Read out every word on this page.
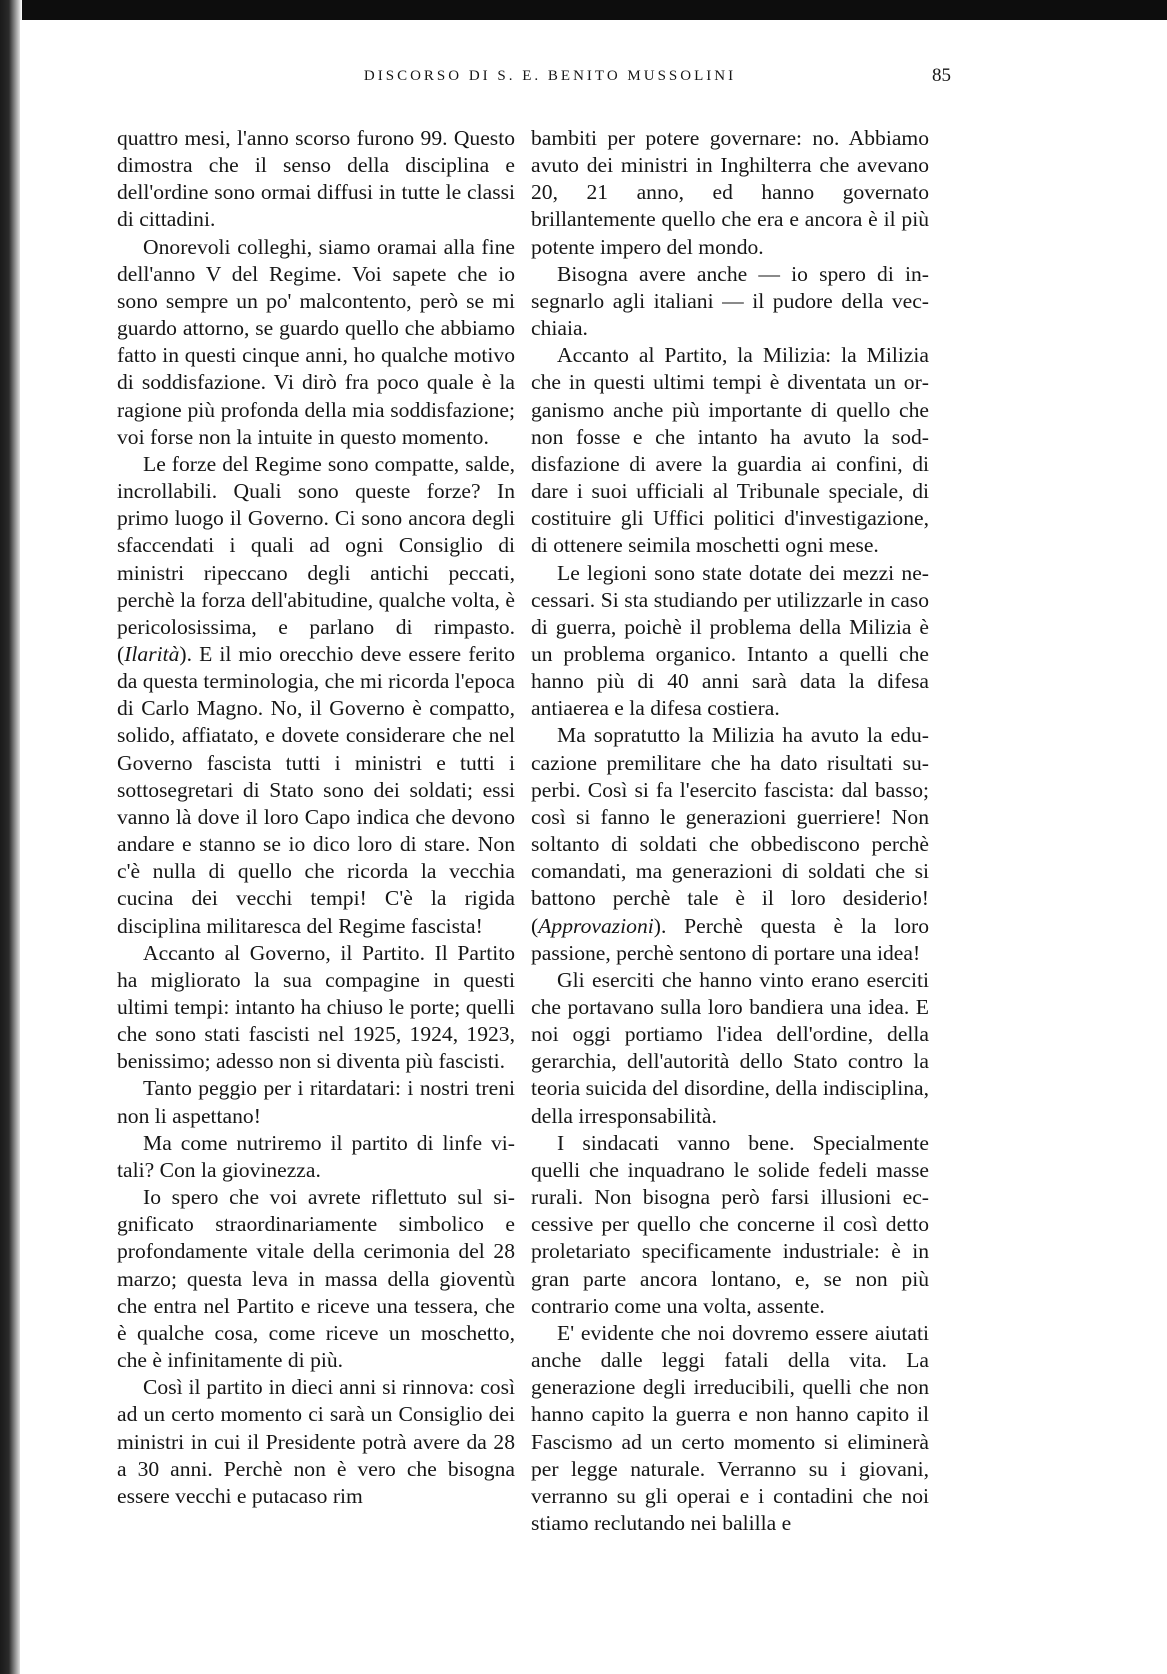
DISCORSO DI S. E. BENITO MUSSOLINI	85

quattro mesi, l'anno scorso furono 99. Questo dimostra che il senso della disciplina e dell'ordine sono ormai diffusi in tutte le classi di cittadini.

Onorevoli colleghi, siamo oramai alla fine dell'anno V del Regime. Voi sapete che io sono sempre un po' malcontento, però se mi guardo attorno, se guardo quello che abbiamo fatto in questi cinque anni, ho qualche motivo di soddisfazione. Vi dirò fra poco quale è la ragione più profonda della mia soddisfazione; voi forse non la intuite in questo momento.

Le forze del Regime sono compatte, salde, incrollabili. Quali sono queste forze? In primo luogo il Governo. Ci sono ancora degli sfaccendati i quali ad ogni Consiglio di ministri ripeccano degli antichi peccati, perchè la forza dell'abitudine, qualche volta, è pericolosissima, e parlano di rimpasto. (Ilarità). E il mio orecchio deve essere ferito da questa terminologia, che mi ricorda l'epoca di Carlo Magno. No, il Governo è compatto, solido, affiatato, e dovete considerare che nel Governo fascista tutti i ministri e tutti i sottosegretari di Stato sono dei soldati; essi vanno là dove il loro Capo indica che devono andare e stanno se io dico loro di stare. Non c'è nulla di quello che ricorda la vecchia cucina dei vecchi tempi! C'è la rigida disciplina militaresca del Regime fascista!

Accanto al Governo, il Partito. Il Partito ha migliorato la sua compagine in questi ultimi tempi: intanto ha chiuso le porte; quelli che sono stati fascisti nel 1925, 1924, 1923, benissimo; adesso non si diventa più fascisti.

Tanto peggio per i ritardatari: i nostri treni non li aspettano!

Ma come nutriremo il partito di linfe vitali? Con la giovinezza.

Io spero che voi avrete riflettuto sul significato straordinariamente simbolico e profondamente vitale della cerimonia del 28 marzo; questa leva in massa della gioventù che entra nel Partito e riceve una tessera, che è qualche cosa, come riceve un moschetto, che è infinitamente di più.

Così il partito in dieci anni si rinnova: così ad un certo momento ci sarà un Consiglio dei ministri in cui il Presidente potrà avere da 28 a 30 anni. Perchè non è vero che bisogna essere vecchi e putacaso rim

bambiti per potere governare: no. Abbiamo avuto dei ministri in Inghilterra che avevano 20, 21 anno, ed hanno governato brillantemente quello che era e ancora è il più potente impero del mondo.

Bisogna avere anche — io spero di insegnarlo agli italiani — il pudore della vecchiaia.

Accanto al Partito, la Milizia: la Milizia che in questi ultimi tempi è diventata un organismo anche più importante di quello che non fosse e che intanto ha avuto la soddisfazione di avere la guardia ai confini, di dare i suoi ufficiali al Tribunale speciale, di costituire gli Uffici politici d'investigazione, di ottenere seimila moschetti ogni mese.

Le legioni sono state dotate dei mezzi necessari. Si sta studiando per utilizzarle in caso di guerra, poichè il problema della Milizia è un problema organico. Intanto a quelli che hanno più di 40 anni sarà data la difesa antiaerea e la difesa costiera.

Ma sopratutto la Milizia ha avuto la educazione premilitare che ha dato risultati superbi. Così si fa l'esercito fascista: dal basso; così si fanno le generazioni guerriere! Non soltanto di soldati che obbediscono perchè comandati, ma generazioni di soldati che si battono perchè tale è il loro desiderio! (Approvazioni). Perchè questa è la loro passione, perchè sentono di portare una idea!

Gli eserciti che hanno vinto erano eserciti che portavano sulla loro bandiera una idea. E noi oggi portiamo l'idea dell'ordine, della gerarchia, dell'autorità dello Stato contro la teoria suicida del disordine, della indisciplina, della irresponsabilità.

I sindacati vanno bene. Specialmente quelli che inquadrano le solide fedeli masse rurali. Non bisogna però farsi illusioni eccessive per quello che concerne il così detto proletariato specificamente industriale: è in gran parte ancora lontano, e, se non più contrario come una volta, assente.

E' evidente che noi dovremo essere aiutati anche dalle leggi fatali della vita. La generazione degli irreducibili, quelli che non hanno capito la guerra e non hanno capito il Fascismo ad un certo momento si eliminerà per legge naturale. Verranno su i giovani, verranno su gli operai e i contadini che noi stiamo reclutando nei balilla e
